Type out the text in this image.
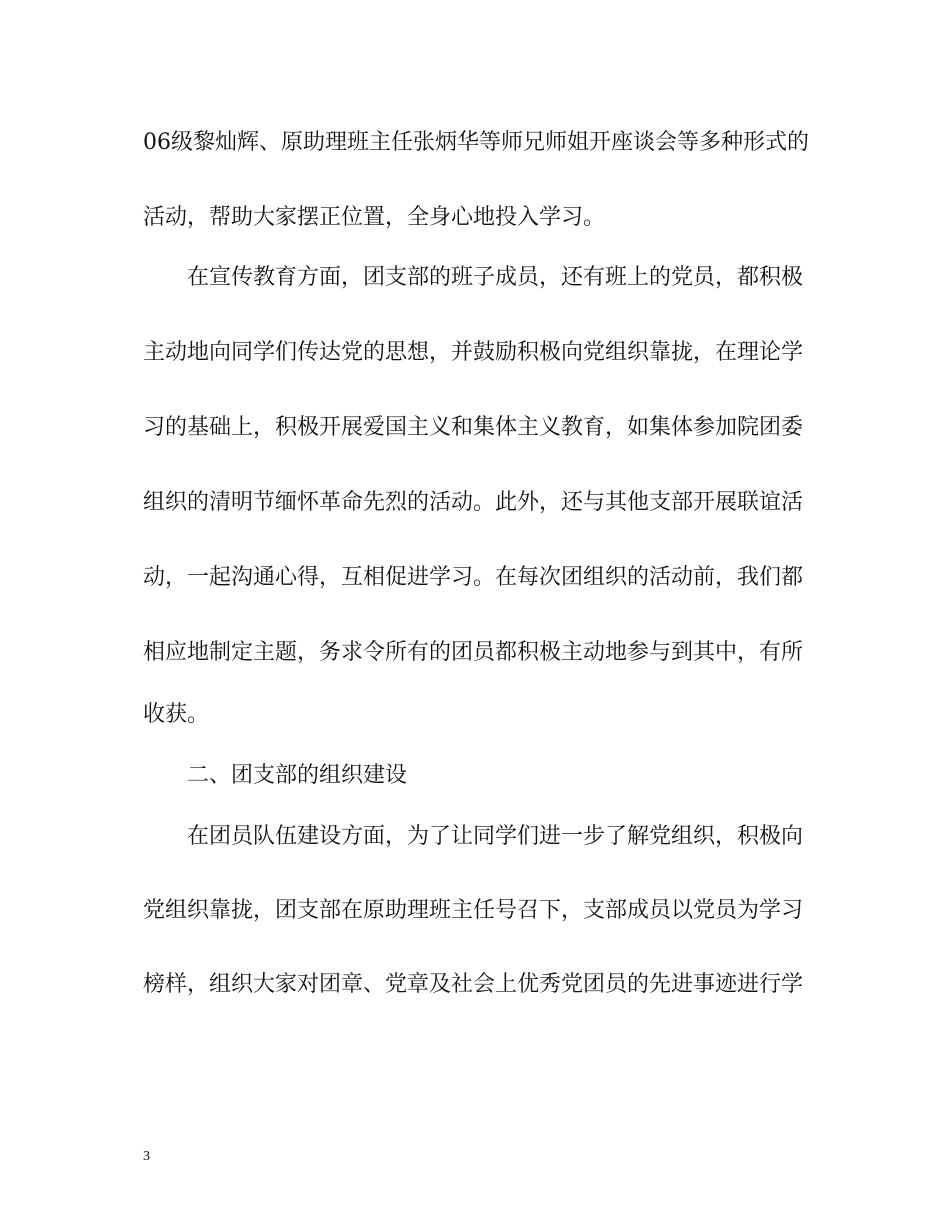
06级黎灿辉、原助理班主任张炳华等师兄师姐开座谈会等多种形式的
活动，帮助大家摆正位置，全身心地投入学习。
在宣传教育方面，团支部的班子成员，还有班上的党员，都积极
主动地向同学们传达党的思想，并鼓励积极向党组织靠拢，在理论学
习的基础上，积极开展爱国主义和集体主义教育，如集体参加院团委
组织的清明节缅怀革命先烈的活动。此外，还与其他支部开展联谊活
动，一起沟通心得，互相促进学习。在每次团组织的活动前，我们都
相应地制定主题，务求令所有的团员都积极主动地参与到其中，有所
收获。
二、团支部的组织建设
在团员队伍建设方面，为了让同学们进一步了解党组织，积极向
党组织靠拢，团支部在原助理班主任号召下，支部成员以党员为学习
榜样，组织大家对团章、党章及社会上优秀党团员的先进事迹进行学
3
